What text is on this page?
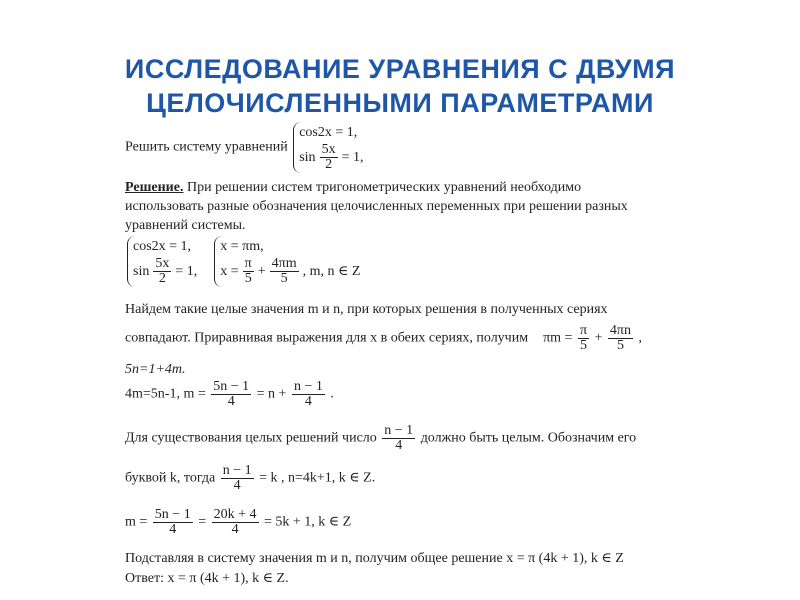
ИССЛЕДОВАНИЕ УРАВНЕНИЯ С ДВУМЯ
ЦЕЛОЧИСЛЕННЫМИ ПАРАМЕТРАМИ
Решить систему уравнений
cos2x = 1,
$\sin \frac{5x}{2} = 1$,
Решение. При решении систем тригонометрических уравнений необходимо
использовать разные обозначения целочисленных переменных при решении разных
уравнений системы.
cos2x = 1,
$\sin \frac{5x}{2} = 1$,

x = πm,
$x = \frac{\pi}{5} + \frac{4\pi m}{5}$ , m, n ∈ Z
Найдем такие целые значения m и n, при которых решения в полученных сериях
совпадают. Приравнивая выражения для x в обеих сериях, получим $\pi m = \frac{\pi}{5} + \frac{4\pi n}{5}$ ,
5n=1+4m.
4m=5n-1, $m = \frac{5n - 1}{4} = n + \frac{n - 1}{4}$ .
Для существования целых решений число $\frac{n - 1}{4}$ должно быть целым. Обозначим его
буквой k, тогда $\frac{n - 1}{4} = k$ , n=4k+1, k ∈ Z.
$m = \frac{5n - 1}{4} = \frac{20k + 4}{4} = 5k + 1$, k ∈ Z
Подставляя в систему значения m и n, получим общее решение x = π (4k + 1), k ∈ Z
Ответ: x = π (4k + 1), k ∈ Z.
